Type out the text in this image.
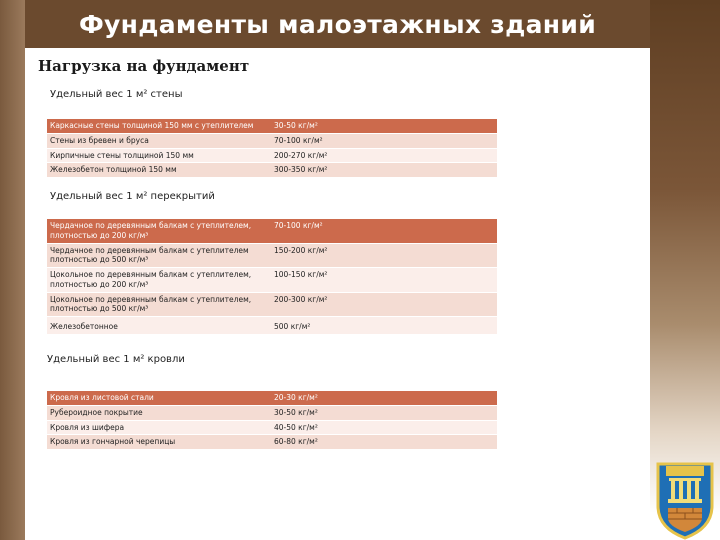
Фундаменты малоэтажных зданий
Нагрузка на фундамент
Удельный вес 1 м² стены
Каркасные стены толщиной 150 мм с утеплителем	30-50 кг/м²
Стены из бревен и бруса	70-100 кг/м²
Кирпичные стены толщиной 150 мм	200-270 кг/м²
Железобетон толщиной 150 мм	300-350 кг/м²
Удельный вес 1 м² перекрытий
Чердачное по деревянным балкам с утеплителем, плотностью до 200 кг/м³	70-100 кг/м²
Чердачное по деревянным балкам с утеплителем плотностью до 500 кг/м³	150-200 кг/м²
Цокольное по деревянным балкам с утеплителем, плотностью до 200 кг/м³	100-150 кг/м²
Цокольное по деревянным балкам с утеплителем, плотностью до 500 кг/м³	200-300 кг/м²
Железобетонное	500 кг/м²
Удельный вес 1 м² кровли
Кровля из листовой стали	20-30 кг/м²
Рубероидное покрытие	30-50 кг/м²
Кровля из шифера	40-50 кг/м²
Кровля из гончарной черепицы	60-80 кг/м²
